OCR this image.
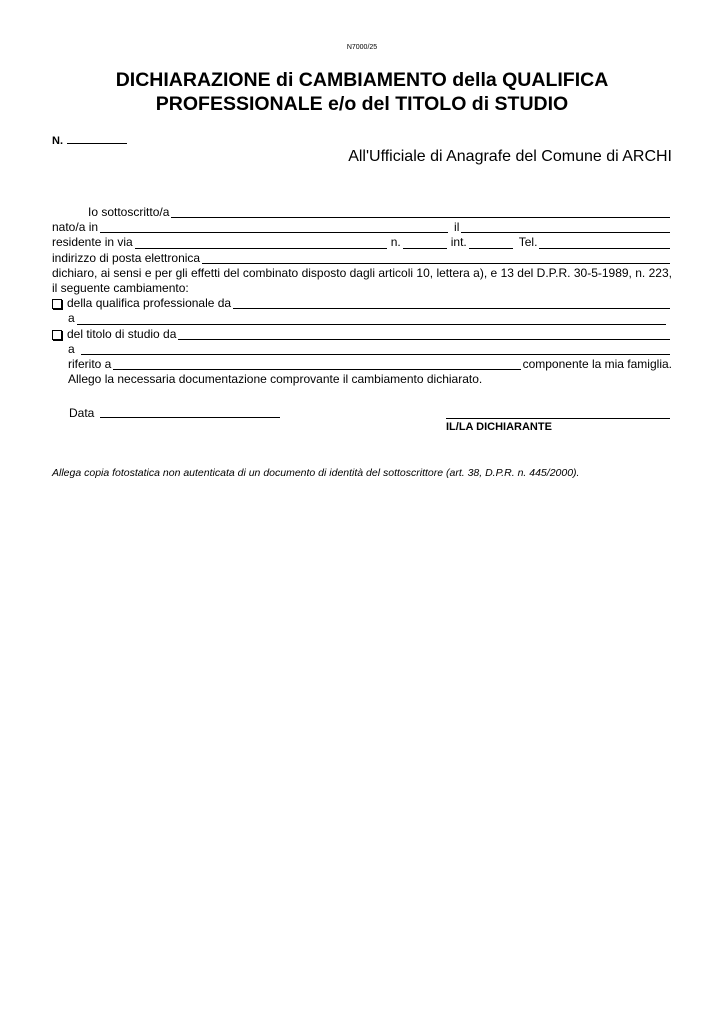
N7000/25
DICHIARAZIONE di CAMBIAMENTO della QUALIFICA
PROFESSIONALE e/o del TITOLO di STUDIO
N.
All'Ufficiale di Anagrafe del Comune di ARCHI
Io sottoscritto/a
nato/a in	il
residente in via	n.	int.	Tel.
indirizzo di posta elettronica
dichiaro, ai sensi e per gli effetti del combinato disposto dagli articoli 10, lettera a), e 13 del D.P.R. 30-5-1989, n. 223, il seguente cambiamento:
della qualifica professionale da
a
del titolo di studio da
a
riferito a	componente la mia famiglia.
Allego la necessaria documentazione comprovante il cambiamento dichiarato.
Data
IL/LA DICHIARANTE
Allega copia fotostatica non autenticata di un documento di identità del sottoscrittore (art. 38, D.P.R. n. 445/2000).
